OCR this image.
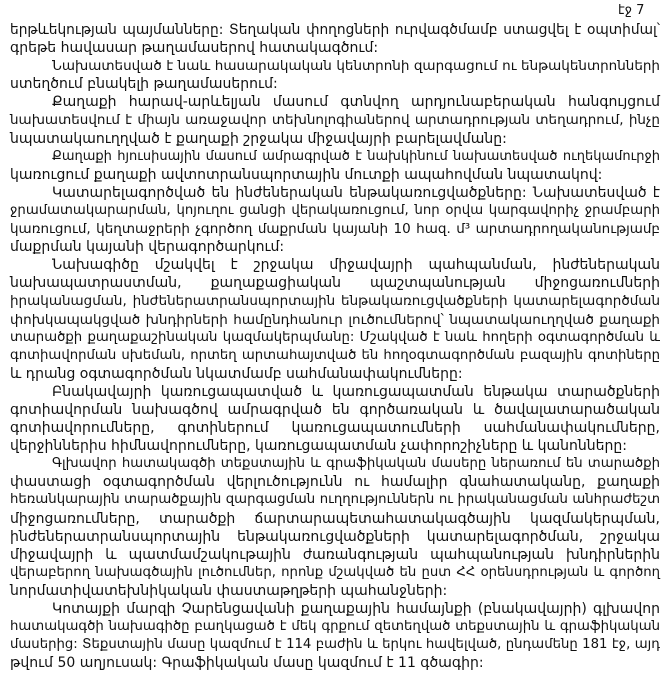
էջ 7
երթևեկության պայմանները: Տեղական փողոցների ուրվագծմամբ ստացվել է օպտիմալ՝
գրեթե հավասար թաղամասերով հատակագծում:
Նախատեսված է նաև հասարակական կենտրոնի զարգացում ու ենթակենտրոնների
ստեղծում բնակելի թաղամասերում:
Քաղաքի հարավ-արևելյան մասում գտնվող արդյունաբերական հանգույցում
նախատեսվում է միայն առաջավոր տեխնոլոգիաներով արտադրության տեղադրում, ինչը
նպատակաուղղված է քաղաքի շրջակա միջավայրի բարելավմանը:
Քաղաքի հյուսիսային մասում ամրագրված է նախկինում նախատեսված ուղեկամուրջի
կառուցում քաղաքի ավտոտրանսպորտային մուտքի ապահովման նպատակով:
Կատարելագործված են ինժեներական ենթակառուցվածքները: Նախատեսված է
ջրամատակարարման, կոյուղու ցանցի վերակառուցում, նոր օրվա կարգավորիչ ջրամբարի
կառուցում, կեղտաջրերի չգործող մաքրման կայանի 10 հազ. մ³ արտադրողականությամբ
մաքրման կայանի վերագործարկում:
Նախագիծը մշակվել է շրջակա միջավայրի պահպանման, ինժեներական
նախապատրաստման, քաղաքացիական պաշտպանության միջոցառումների
իրականացման, ինժեներատրանսպորտային ենթակառուցվածքների կատարելագործման
փոխկապակցված խնդիրների համընդհանուր լուծումներով՝ նպատակաուղղված քաղաքի
տարածքի քաղաքաշինական կազմակերպմանը: Մշակված է նաև հողերի օգտագործման և
գոտիավորման սխեման, որտեղ արտահայտված են հողօգտագործման բազային գոտիները
և դրանց օգտագործման նկատմամբ սահմանափակումները:
Բնակավայրի կառուցապատված և կառուցապատման ենթակա տարածքների
գոտիավորման նախագծով ամրագրված են գործառական և ծավալատարածական
գոտիավորումները, գոտիներում կառուցապատումների սահմանափակումները,
վերջիններիս հիմնավորումները, կառուցապատման չափորոշիչները և կանոնները:
Գլխավոր հատակագծի տեքստային և գրաֆիկական մասերը ներառում են տարածքի
փաստացի օգտագործման վերլուծությունն ու համալիր գնահատականը, քաղաքի
հեռանկարային տարածքային զարգացման ուղղություններն ու իրականացման անհրաժեշտ
միջոցառումները, տարածքի ճարտարապետահատակագծային կազմակերպման,
ինժեներատրանսպորտային ենթակառուցվածքների կատարելագործման, շրջակա
միջավայրի և պատմամշակութային ժառանգության պահպանության խնդիրներին
վերաբերող նախագծային լուծումներ, որոնք մշակված են ըստ ՀՀ օրենսդրության և գործող
նորմատիվատեխնիկական փաստաթղթերի պահանջների:
Կոտայքի մարզի Չարենցավանի քաղաքային համայնքի (բնակավայրի) գլխավոր
հատակագծի նախագիծը բաղկացած է մեկ գրքում զետեղված տեքստային և գրաֆիկական
մասերից: Տեքստային մասը կազմում է 114 բաժին և երկու հավելված, ընդամենը 181 էջ, այդ
թվում 50 աղյուսակ: Գրաֆիկական մասը կազմում է 11 գծագիր:
